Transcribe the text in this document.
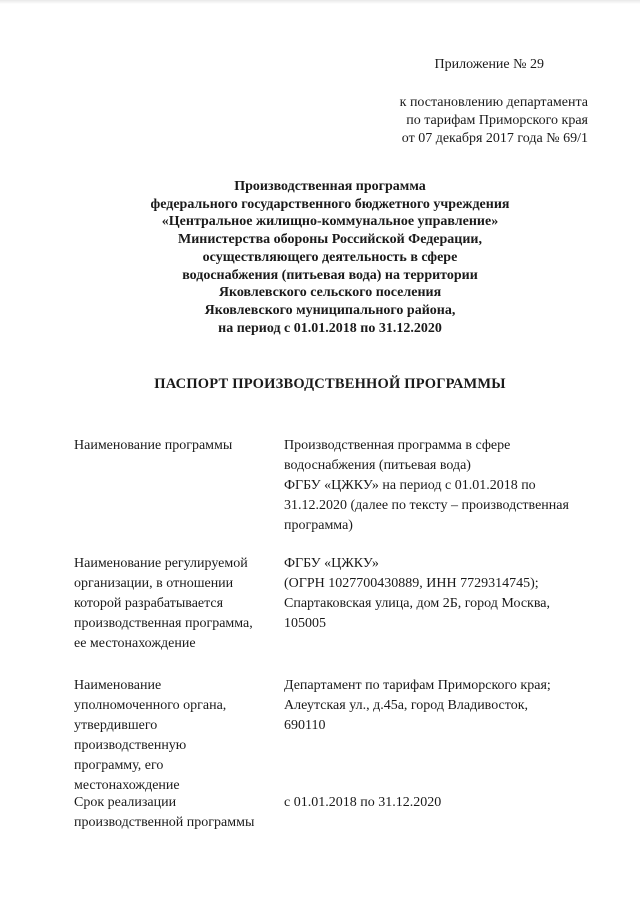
Приложение № 29
к постановлению департамента
по тарифам Приморского края
от 07 декабря 2017 года № 69/1
Производственная программа
федерального государственного бюджетного учреждения
«Центральное жилищно-коммунальное управление»
Министерства обороны Российской Федерации,
осуществляющего деятельность в сфере
водоснабжения (питьевая вода) на территории
Яковлевского сельского поселения
Яковлевского муниципального района,
на период с 01.01.2018 по 31.12.2020
ПАСПОРТ ПРОИЗВОДСТВЕННОЙ ПРОГРАММЫ
Наименование программы	Производственная программа в сфере
водоснабжения (питьевая вода)
ФГБУ «ЦЖКУ» на период с 01.01.2018 по
31.12.2020 (далее по тексту – производственная
программа)
Наименование регулируемой
организации, в отношении
которой разрабатывается
производственная программа,
ее местонахождение
ФГБУ «ЦЖКУ»
(ОГРН 1027700430889, ИНН 7729314745);
Спартаковская улица, дом 2Б, город Москва,
105005
Наименование
уполномоченного органа,
утвердившего
производственную
программу, его
местонахождение
Департамент по тарифам Приморского края;
Алеутская ул., д.45а, город Владивосток,
690110
Срок реализации
производственной программы
с 01.01.2018 по 31.12.2020
